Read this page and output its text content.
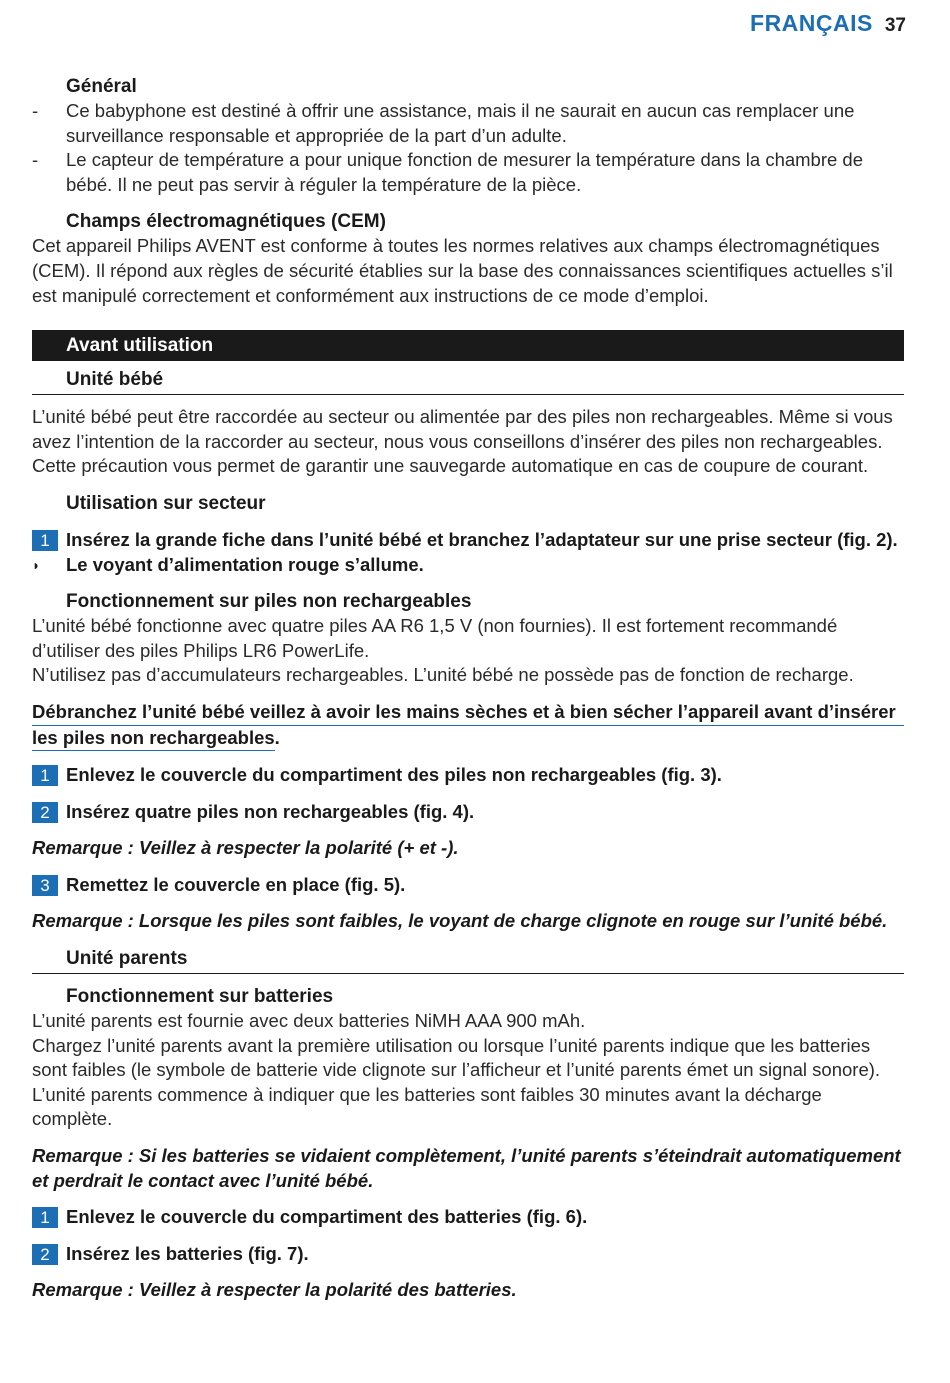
FRANÇAIS 37
Général
-	Ce babyphone est destiné à offrir une assistance, mais il ne saurait en aucun cas remplacer une surveillance responsable et appropriée de la part d’un adulte.
-	Le capteur de température a pour unique fonction de mesurer la température dans la chambre de bébé. Il ne peut pas servir à réguler la température de la pièce.
Champs électromagnétiques (CEM)
Cet appareil Philips AVENT est conforme à toutes les normes relatives aux champs électromagnétiques (CEM). Il répond aux règles de sécurité établies sur la base des connaissances scientifiques actuelles s’il est manipulé correctement et conformément aux instructions de ce mode d’emploi.
Avant utilisation
Unité bébé
L’unité bébé peut être raccordée au secteur ou alimentée par des piles non rechargeables. Même si vous avez l’intention de la raccorder au secteur, nous vous conseillons d’insérer des piles non rechargeables. Cette précaution vous permet de garantir une sauvegarde automatique en cas de coupure de courant.
Utilisation sur secteur
1 Insérez la grande fiche dans l’unité bébé et branchez l’adaptateur sur une prise secteur (fig. 2).
◗	Le voyant d’alimentation rouge s’allume.
Fonctionnement sur piles non rechargeables
L’unité bébé fonctionne avec quatre piles AA R6 1,5 V (non fournies). Il est fortement recommandé d’utiliser des piles Philips LR6 PowerLife.
N’utilisez pas d’accumulateurs rechargeables. L’unité bébé ne possède pas de fonction de recharge.
Débranchez l’unité bébé veillez à avoir les mains sèches et à bien sécher l’appareil avant d’insérer
les piles non rechargeables.
1 Enlevez le couvercle du compartiment des piles non rechargeables (fig. 3).
2 Insérez quatre piles non rechargeables (fig. 4).
Remarque : Veillez à respecter la polarité (+ et -).
3 Remettez le couvercle en place (fig. 5).
Remarque : Lorsque les piles sont faibles, le voyant de charge clignote en rouge sur l’unité bébé.
Unité parents
Fonctionnement sur batteries
L’unité parents est fournie avec deux batteries NiMH AAA 900 mAh.
Chargez l’unité parents avant la première utilisation ou lorsque l’unité parents indique que les batteries sont faibles (le symbole de batterie vide clignote sur l’afficheur et l’unité parents émet un signal sonore). L’unité parents commence à indiquer que les batteries sont faibles 30 minutes avant la décharge complète.
Remarque : Si les batteries se vidaient complètement, l’unité parents s’éteindrait automatiquement et perdrait le contact avec l’unité bébé.
1 Enlevez le couvercle du compartiment des batteries (fig. 6).
2 Insérez les batteries (fig. 7).
Remarque : Veillez à respecter la polarité des batteries.
